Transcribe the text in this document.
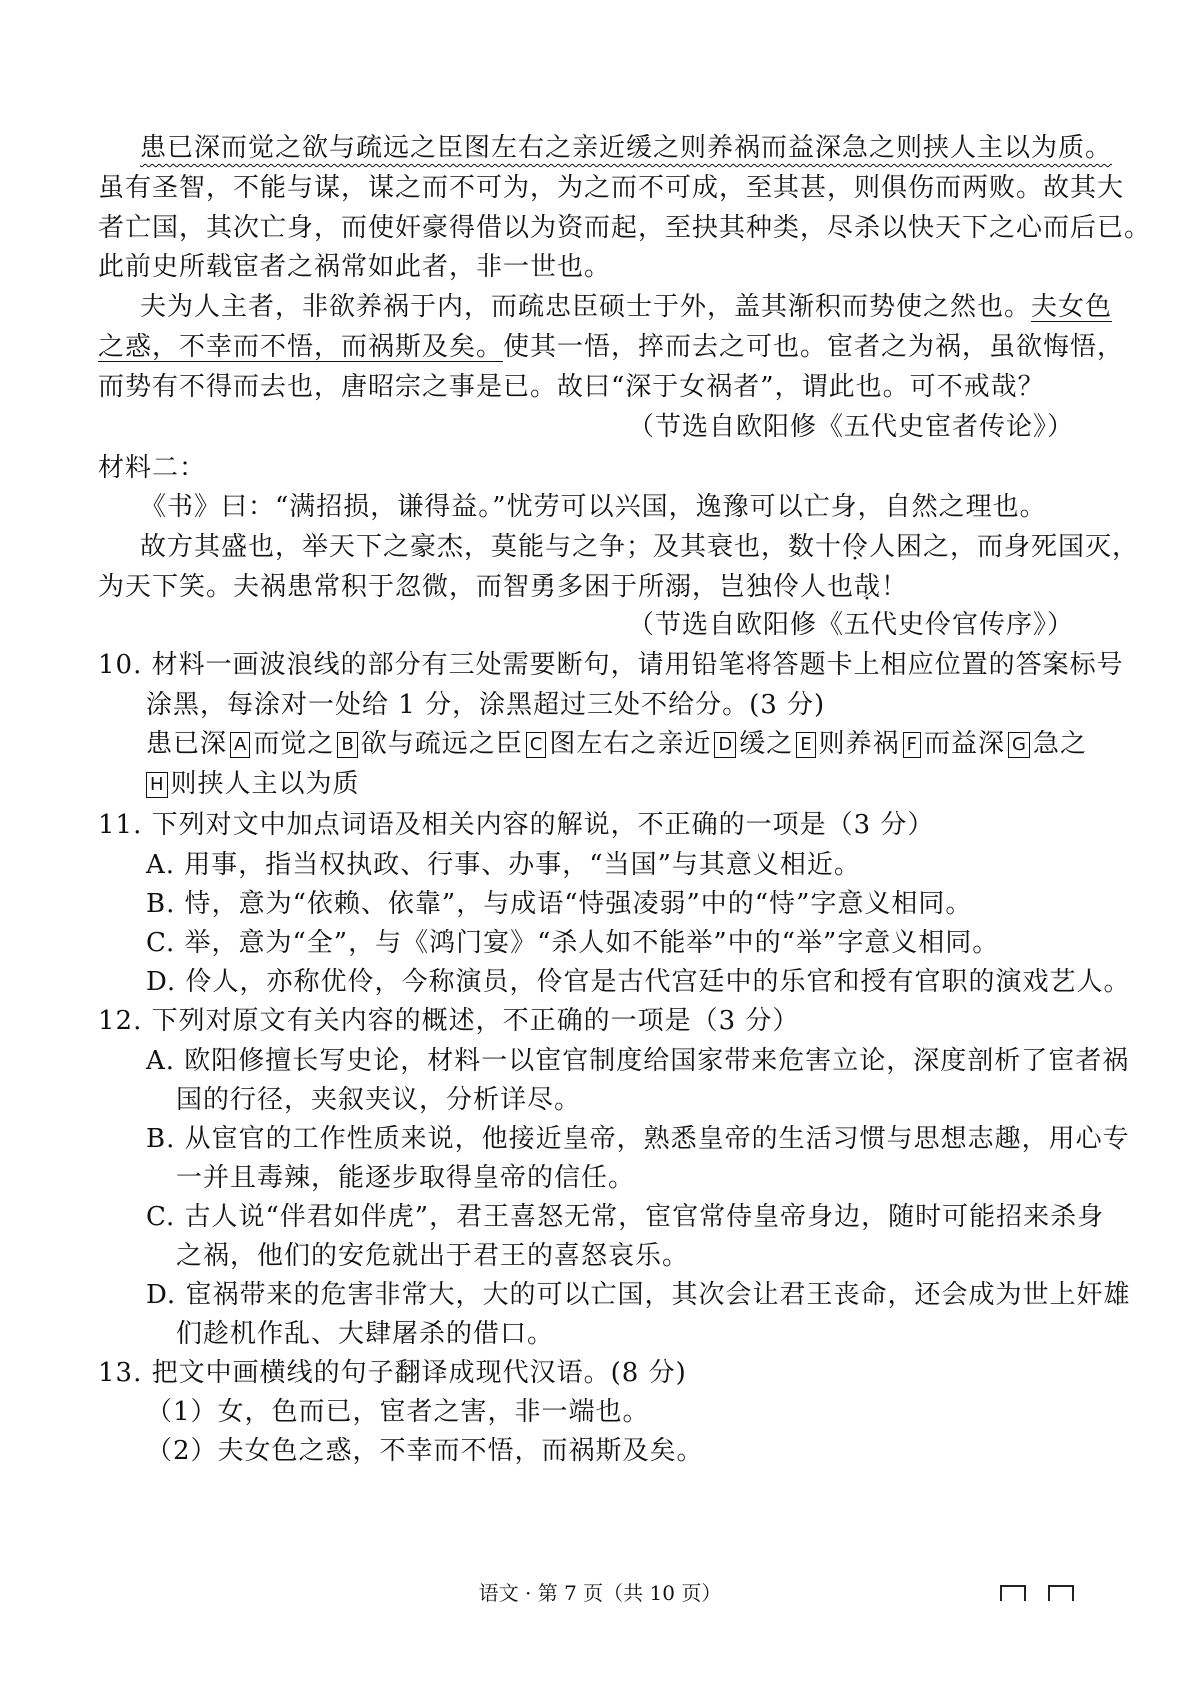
患已深而觉之欲与疏远之臣图左右之亲近缓之则养祸而益深急之则挟人主以为质。
虽有圣智，不能与谋，谋之而不可为，为之而不可成，至其甚，则俱伤而两败。故其大
者亡国，其次亡身，而使奸豪得借以为资而起，至抉其种类，尽杀以快天下之心而后已。
此前史所载宦者之祸常如此者，非一世也。
夫为人主者，非欲养祸于内，而疏忠臣硕士于外，盖其渐积而势使之然也。夫女色
之惑，不幸而不悟，而祸斯及矣。使其一悟，捽而去之可也。宦者之为祸，虽欲悔悟，
而势有不得而去也，唐昭宗之事是已。故曰“深于女祸者”，谓此也。可不戒哉？
（节选自欧阳修《五代史宦者传论》）
材料二：
《书》曰：“满招损，谦得益。”忧劳可以兴国，逸豫可以亡身，自然之理也。
故方其盛也，举天下之豪杰，莫能与之争；及其衰也，数十伶人困之，而身死国灭，
为天下笑。夫祸患常积于忽微，而智勇多困于所溺，岂独伶人也哉！
（节选自欧阳修《五代史伶官传序》）
10. 材料一画波浪线的部分有三处需要断句，请用铅笔将答题卡上相应位置的答案标号
涂黑，每涂对一处给 1 分，涂黑超过三处不给分。(3 分)
患已深 A 而觉之 B 欲与疏远之臣 C 图左右之亲近 D 缓之 E 则养祸 F 而益深 G 急之
H 则挟人主以为质
11. 下列对文中加点词语及相关内容的解说，不正确的一项是（3 分）
A. 用事，指当权执政、行事、办事，“当国”与其意义相近。
B. 恃，意为“依赖、依靠”，与成语“恃强凌弱”中的“恃”字意义相同。
C. 举，意为“全”，与《鸿门宴》“杀人如不能举”中的“举”字意义相同。
D. 伶人，亦称优伶，今称演员，伶官是古代宫廷中的乐官和授有官职的演戏艺人。
12. 下列对原文有关内容的概述，不正确的一项是（3 分）
A. 欧阳修擅长写史论，材料一以宦官制度给国家带来危害立论，深度剖析了宦者祸
国的行径，夹叙夹议，分析详尽。
B. 从宦官的工作性质来说，他接近皇帝，熟悉皇帝的生活习惯与思想志趣，用心专
一并且毒辣，能逐步取得皇帝的信任。
C. 古人说“伴君如伴虎”，君王喜怒无常，宦官常侍皇帝身边，随时可能招来杀身
之祸，他们的安危就出于君王的喜怒哀乐。
D. 宦祸带来的危害非常大，大的可以亡国，其次会让君王丧命，还会成为世上奸雄
们趁机作乱、大肆屠杀的借口。
13. 把文中画横线的句子翻译成现代汉语。(8 分)
（1）女，色而已，宦者之害，非一端也。
（2）夫女色之惑，不幸而不悟，而祸斯及矣。
语文 · 第 7 页（共 10 页）
